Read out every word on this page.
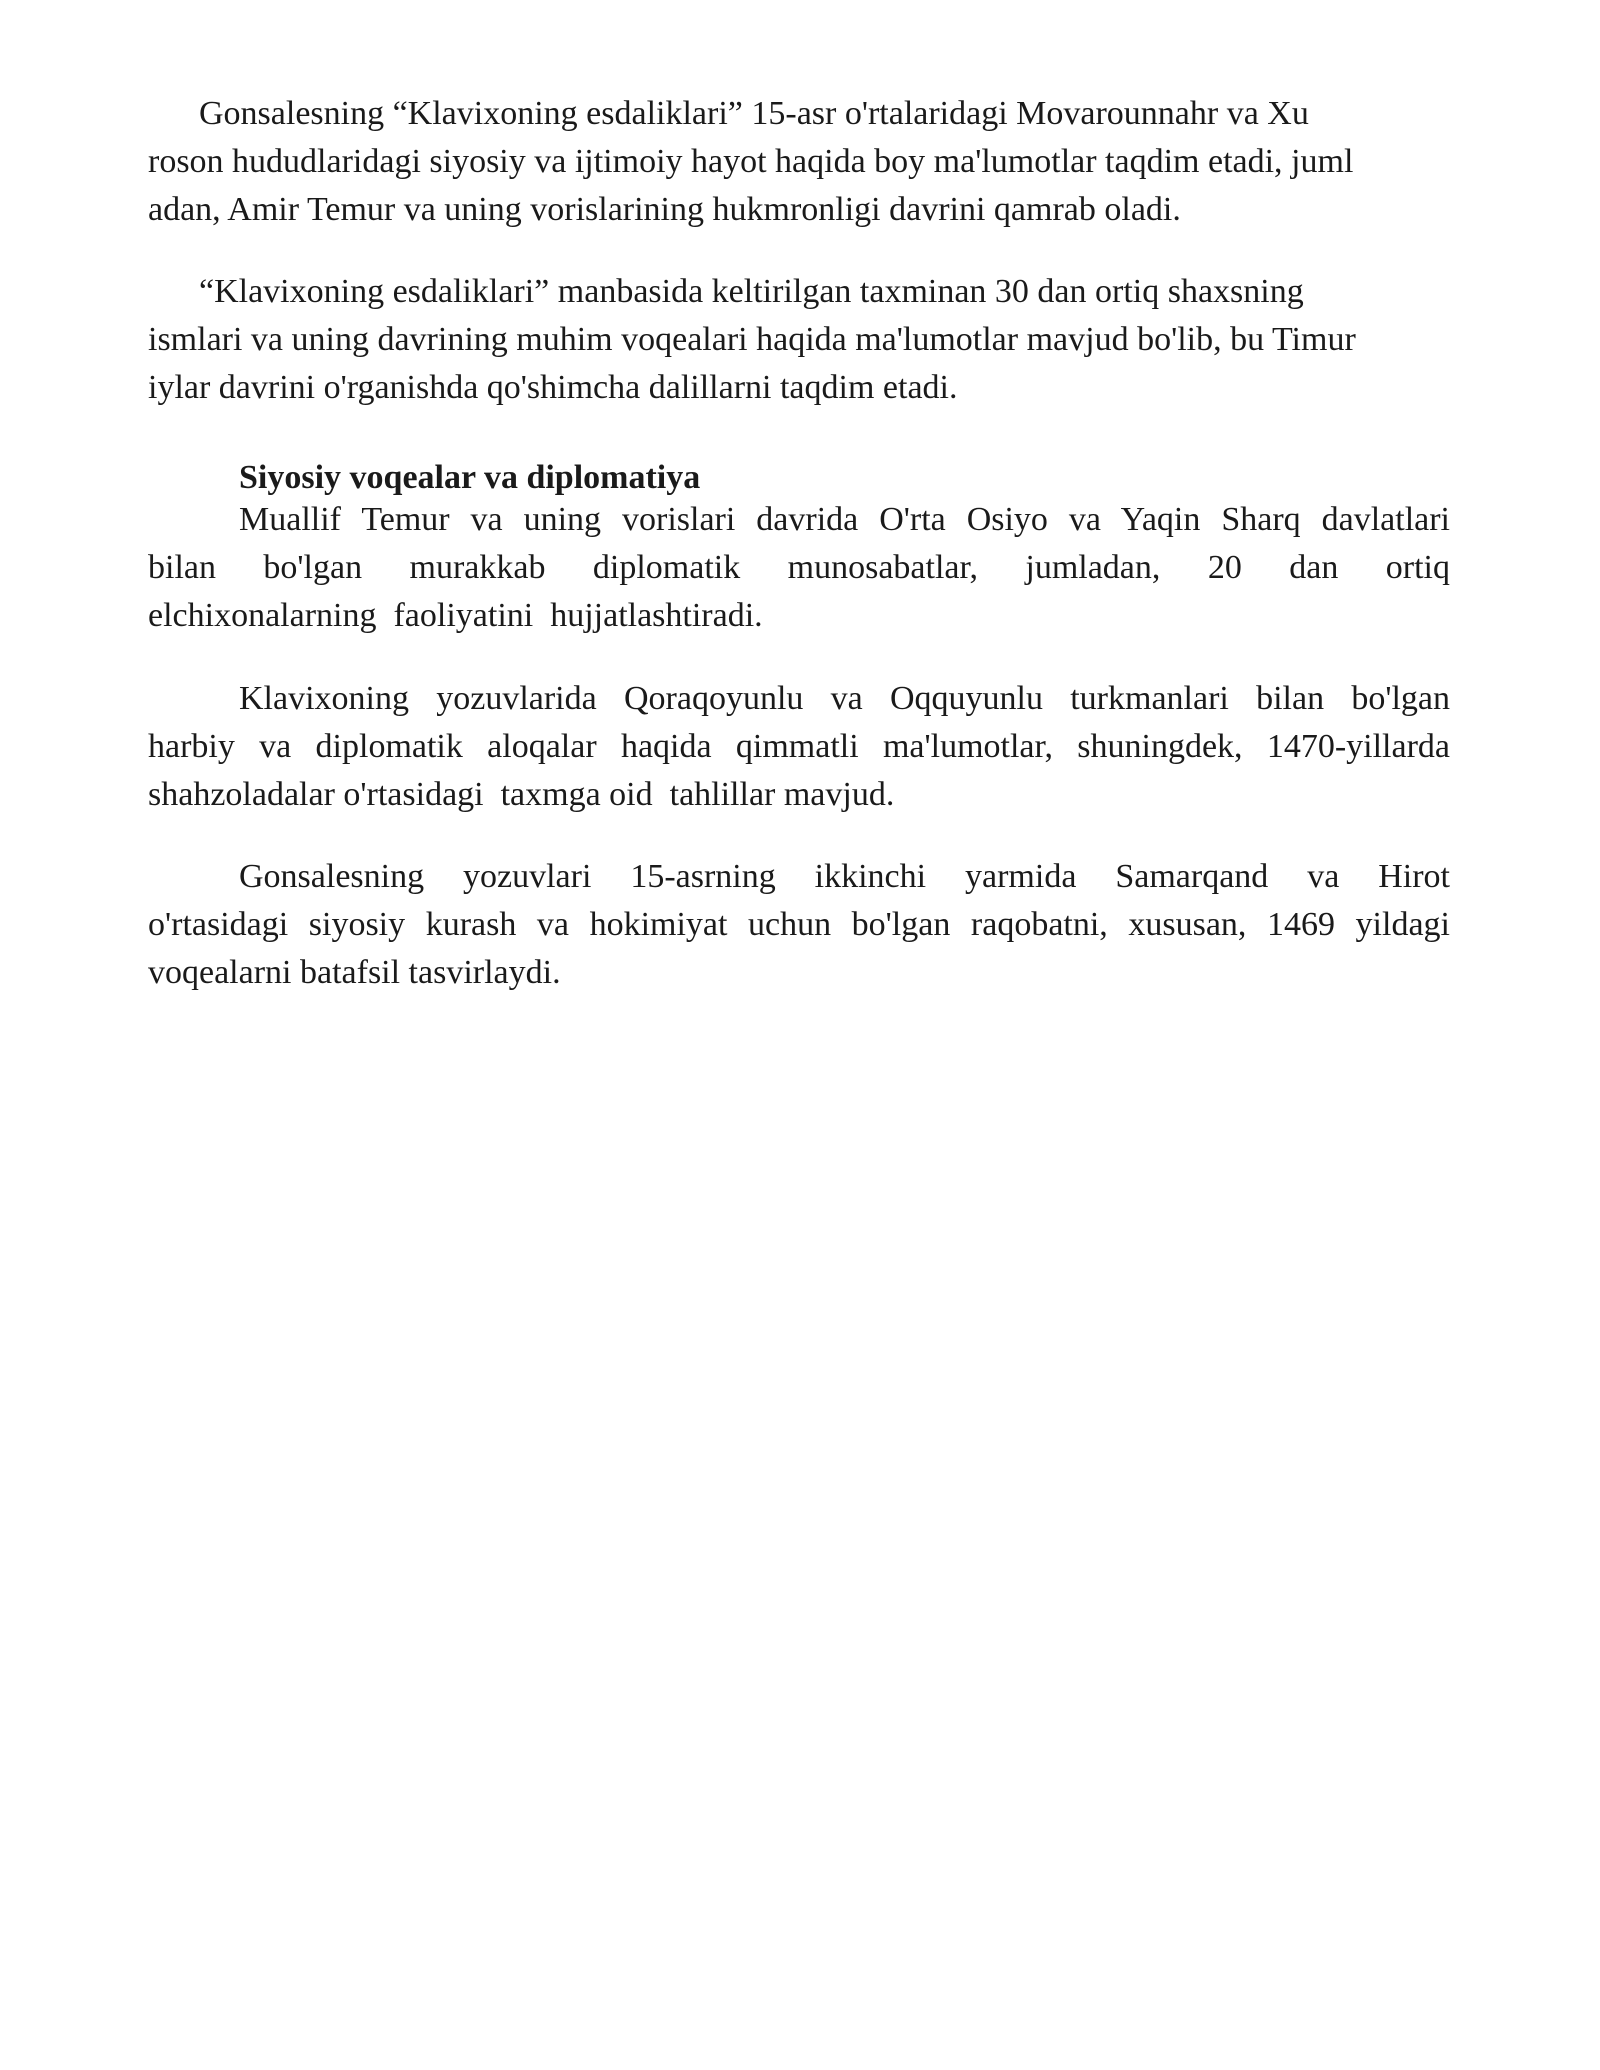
Gonsalesning “Klavixoning esdaliklari” 15-asr o'rtalaridagi Movarounnahr va Xu
roson hududlaridagi siyosiy va ijtimoiy hayot haqida boy ma'lumotlar taqdim etadi, juml
adan, Amir Temur va uning vorislarining hukmronligi davrini qamrab oladi.
“Klavixoning esdaliklari” manbasida keltirilgan taxminan 30 dan ortiq shaxsning
ismlari va uning davrining muhim voqealari haqida ma'lumotlar mavjud bo'lib, bu Timur
iylar davrini o'rganishda qo'shimcha dalillarni taqdim etadi.
Siyosiy voqealar va diplomatiya
Muallif Temur va uning vorislari davrida O'rta Osiyo va Yaqin Sharq davlatlari
bilan bo'lgan murakkab diplomatik munosabatlar, jumladan, 20 dan ortiq
elchixonalarning  faoliyatini  hujjatlashtiradi.
Klavixoning yozuvlarida Qoraqoyunlu va Oqquyunlu turkmanlari bilan bo'lgan
harbiy va diplomatik aloqalar haqida qimmatli ma'lumotlar, shuningdek, 1470-yillarda
shahzoladalar o'rtasidagi  taxmga oid  tahlillar mavjud.
Gonsalesning yozuvlari 15-asrning ikkinchi yarmida Samarqand va Hirot
o'rtasidagi siyosiy kurash va hokimiyat uchun bo'lgan raqobatni, xususan, 1469 yildagi
voqealarni batafsil tasvirlaydi.
